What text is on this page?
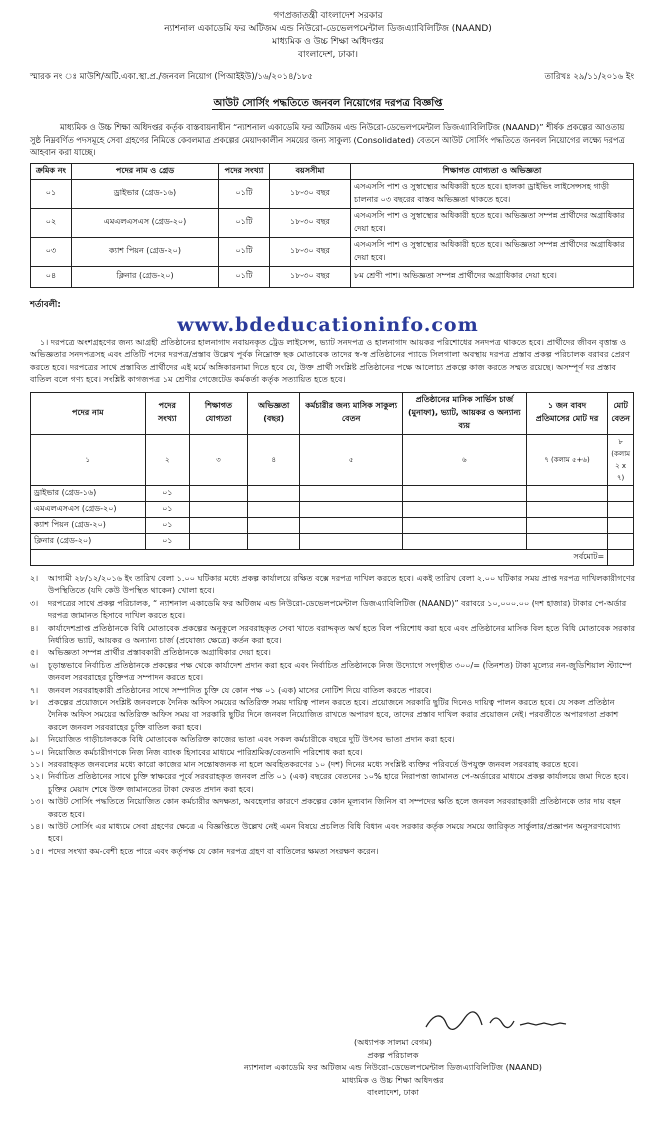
গণপ্রজাতন্ত্রী বাংলাদেশ সরকার
ন্যাশনাল একাডেমি ফর অটিজম এন্ড নিউরো-ডেভেলপমেন্টাল ডিজএ্যাবিলিটিজ (NAAND)
মাধ্যমিক ও উচ্চ শিক্ষা অধিদপ্তর
বাংলাদেশ, ঢাকা।
স্মারক নং ঃ মাউশি/অটি.একা.স্থা.প্র./জনবল নিয়োগ (পিআইইউ)/১৬/২০১৪/১৮৫	তারিখঃ ২৯/১১/২০১৬ ইং
আউট সোর্সিং পদ্ধতিতে জনবল নিয়োগের দরপত্র বিজ্ঞপ্তি
মাধ্যমিক ও উচ্চ শিক্ষা অধিদপ্তর কর্তৃক বাস্তবায়নাধীন “ন্যাশনাল একাডেমি ফর অটিজম এন্ড নিউরো-ডেভেলপমেন্টাল ডিজএ্যাবিলিটিজ (NAAND)” শীর্ষক প্রকল্পের আওতায় সুষ্ঠ নিম্নবর্ণিত পদসমূহে সেবা গ্রহণের নিমিত্তে কেবলমাত্র প্রকল্পের মেয়াদকালীন সময়ের জন্য সাকুল্য (Consolidated) বেতনে আউট সোর্সিং পদ্ধতিতে জনবল নিয়োগের লক্ষ্যে দরপত্র আহবান করা যাচ্ছে।
ক্রমিক নং	পদের নাম ও গ্রেড	পদের সংখ্যা	বয়সসীমা	শিক্ষাগত যোগ্যতা ও অভিজ্ঞতা
০১	ড্রাইভার (গ্রেড-১৬)	০১টি	১৮-৩০ বছর	এসএসসি পাশ ও সুস্বাস্থ্যের অধিকারী হতে হবে। হালকা ড্রাইভিং লাইসেন্সসহ গাড়ী চালনার ০৩ বছরের বাস্তব অভিজ্ঞতা থাকতে হবে।
০২	এমএলএসএস (গ্রেড-২০)	০১টি	১৮-৩০ বছর	এসএসসি পাশ ও সুস্বাস্থ্যের অধিকারী হতে হবে। অভিজ্ঞতা সম্পন্ন প্রার্থীদের অগ্রাধিকার দেয়া হবে।
০৩	ক্যাশ পিয়ন (গ্রেড-২০)	০১টি	১৮-৩০ বছর	এসএসসি পাশ ও সুস্বাস্থ্যের অধিকারী হতে হবে। অভিজ্ঞতা সম্পন্ন প্রার্থীদের অগ্রাধিকার দেয়া হবে।
০৪	ক্লিনার (গ্রেড-২০)	০১টি	১৮-৩০ বছর	৮ম শ্রেণী পাশ। অভিজ্ঞতা সম্পন্ন প্রার্থীদের অগ্রাধিকার দেয়া হবে।
শর্তাবলী:
www.bdeducationinfo.com
১। দরপত্রে অংশগ্রহণের জন্য আগ্রহী প্রতিষ্ঠানের হালনাগাদ নবায়নকৃত ট্রেড লাইসেন্স, ভ্যাট সনদপত্র ও হালনাগাদ আয়কর পরিশোধের সনদপত্র থাকতে হবে। প্রার্থীদের জীবন বৃত্তান্ত ও অভিজ্ঞতার সনদপত্রসহ এবং প্রতিটি পদের দরপত্র/প্রস্তাব উল্লেখ পূর্বক নিম্নোক্ত ছক মোতাবেক তাদের স্ব-স্ব প্রতিষ্ঠানের প্যাডে সিলগালা অবস্থায় দরপত্র প্রস্তাব প্রকল্প পরিচালক বরাবর প্রেরণ করতে হবে। দরপত্রের সাথে প্রস্তাবিত প্রার্থীদের এই মর্মে অঙ্গিকারনামা দিতে হবে যে, উক্ত প্রার্থী সংশ্লিষ্ট প্রতিষ্ঠানের পক্ষে আলোচ্য প্রকল্পে কাজ করতে সম্মত রয়েছে। অসম্পূর্ণ দর প্রস্তাব বাতিল বলে গণ্য হবে। সংশ্লিষ্ট কাগজপত্র ১ম শ্রেণীর গেজেটেড কর্মকর্তা কর্তৃক সত্যায়িত হতে হবে।
পদের নাম	পদের সংখ্যা	শিক্ষাগত যোগ্যতা	অভিজ্ঞতা (বছর)	কর্মচারীর জন্য মাসিক সাকুল্য বেতন	প্রতিষ্ঠানের মাসিক সার্ভিস চার্জ (মুনাফা), ভ্যাট, আয়কর ও অন্যান্য ব্যয়	১ জন বাবদ প্রতিমাসের মোট দর	মোট বেতন
১	২	৩	৪	৫	৬	৭ (কলাম ৫+৬)	৮ (কলাম ২ x ৭)
ড্রাইভার (গ্রেড-১৬)	০১						
এমএলএসএস (গ্রেড-২০)	০১						
ক্যাশ পিয়ন (গ্রেড-২০)	০১						
ক্লিনার (গ্রেড-২০)	০১						
সর্বমোট=							
২।	আগামী ২৮/১২/২০১৬ ইং তারিখ বেলা ১.০০ ঘটিকার মধ্যে প্রকল্প কার্যালয়ে রক্ষিত বক্সে দরপত্র দাখিল করতে হবে। একই তারিখ বেলা ২.০০ ঘটিকার সময় প্রাপ্ত দরপত্র দাখিলকারীগণের উপস্থিতিতে (যদি কেউ উপস্থিত থাকেন) খোলা হবে।
৩।	দরপত্রের সাথে প্রকল্প পরিচালক, “ ন্যাশনাল একাডেমি ফর অটিজম এন্ড নিউরো-ডেভেলপমেন্টাল ডিজএ্যাবিলিটিজ (NAAND)” বরাবরে ১০,০০০.০০ (দশ হাজার) টাকার পে-অর্ডার দরপত্র জামানত হিসাবে দাখিল করতে হবে।
৪।	কার্যাদেশপ্রাপ্ত প্রতিষ্ঠানকে বিধি মোতাবেক প্রকল্পের অনুকূলে সরবরাহকৃত সেবা খাতে বরাদ্দকৃত অর্থ হতে বিল পরিশোধ করা হবে এবং প্রতিষ্ঠানের মাসিক বিল হতে বিধি মোতাবেক সরকার নির্ধারিত ভ্যাট, আয়কর ও অন্যান্য চার্জ (প্রযোজ্য ক্ষেত্রে) কর্তন করা হবে।
৫।	অভিজ্ঞতা সম্পন্ন প্রার্থীর প্রস্তাবকারী প্রতিষ্ঠানকে অগ্রাধিকার দেয়া হবে।
৬।	চূড়ান্তভাবে নির্বাচিত প্রতিষ্ঠানকে প্রকল্পের পক্ষ থেকে কার্যাদেশ প্রদান করা হবে এবং নির্বাচিত প্রতিষ্ঠানকে নিজ উদ্যোগে সংগৃহীত ৩০০/= (তিনশত) টাকা মূল্যের নন-জুডিশিয়াল স্ট্যাম্পে জনবল সরবরাহের চুক্তিপত্র সম্পাদন করতে হবে।
৭।	জনবল সরবরাহকারী প্রতিষ্ঠানের সাথে সম্পাদিত চুক্তি যে কোন পক্ষ ০১ (এক) মাসের নোটিশ দিয়ে বাতিল করতে পারবে।
৮।	প্রকল্পের প্রয়োজনে সংশ্লিষ্ট জনবলকে দৈনিক অফিস সময়ের অতিরিক্ত সময় দায়িত্ব পালন করতে হবে। প্রয়োজনে সরকারি ছুটির দিনেও দায়িত্ব পালন করতে হবে। যে সকল প্রতিষ্ঠান দৈনিক অফিস সময়ের অতিরিক্ত অফিস সময় বা সরকারি ছুটির দিনে জনবল নিয়োজিত রাখতে অপারগ হবে, তাদের প্রস্তাব দাখিল করার প্রয়োজন নেই। পরবর্তীতে অপারগতা প্রকাশ করলে জনবল সরবরাহের চুক্তি বাতিল করা হবে।
৯।	নিয়োজিত গাড়ীচালককে বিধি মোতাবেক অতিরিক্ত কাজের ভাতা এবং সকল কর্মচারীকে বছরে দুটি উৎসব ভাতা প্রদান করা হবে।
১০। নিয়োজিত কর্মচারীগণকে নিজ নিজ ব্যাংক হিসাবের মাধ্যমে পারিশ্রমিক/বেতনাদি পরিশোধ করা হবে।
১১। সরবরাহকৃত জনবলের মধ্যে কারো কাজের মান সন্তোষজনক না হলে অবহিতকরণের ১০ (দশ) দিনের মধ্যে সংশ্লিষ্ট ব্যক্তির পরিবর্তে উপযুক্ত জনবল সরবরাহ করতে হবে।
১২। নির্বাচিত প্রতিষ্ঠানের সাথে চুক্তি স্বাক্ষরের পূর্বে সরবরাহকৃত জনবল প্রতি ০১ (এক) বছরের বেতনের ১০% হারে নিরাপত্তা জামানত পে-অর্ডারের মাধ্যমে প্রকল্প কার্যালয়ে জমা দিতে হবে। চুক্তির মেয়াদ শেষে উক্ত জামানতের টাকা ফেরত প্রদান করা হবে।
১৩। আউট সোর্সিং পদ্ধতিতে নিয়োজিত কোন কর্মচারীর অদক্ষতা, অবহেলার কারণে প্রকল্পের কোন মূল্যবান জিনিস বা সম্পদের ক্ষতি হলে জনবল সরবরাহকারী প্রতিষ্ঠানকে তার দায় বহন করতে হবে।
১৪। আউট সোর্সিং এর মাধ্যমে সেবা গ্রহণের ক্ষেত্রে এ বিজ্ঞপ্তিতে উল্লেখ নেই এমন বিষয়ে প্রচলিত বিধি বিধান এবং সরকার কর্তৃক সময়ে সময়ে জারিকৃত সার্কুলার/প্রজ্ঞাপন অনুসরণযোগ্য হবে।
১৫। পদের সংখ্যা কম-বেশী হতে পারে এবং কর্তৃপক্ষ যে কোন দরপত্র গ্রহণ বা বাতিলের ক্ষমতা সংরক্ষণ করেন।
(অধ্যাপক সালমা বেগম)
প্রকল্প পরিচালক
ন্যাশনাল একাডেমি ফর অটিজম এন্ড নিউরো-ডেভেলপমেন্টাল ডিজএ্যাবিলিটিজ (NAAND)
মাধ্যমিক ও উচ্চ শিক্ষা অধিদপ্তর
বাংলাদেশ, ঢাকা
